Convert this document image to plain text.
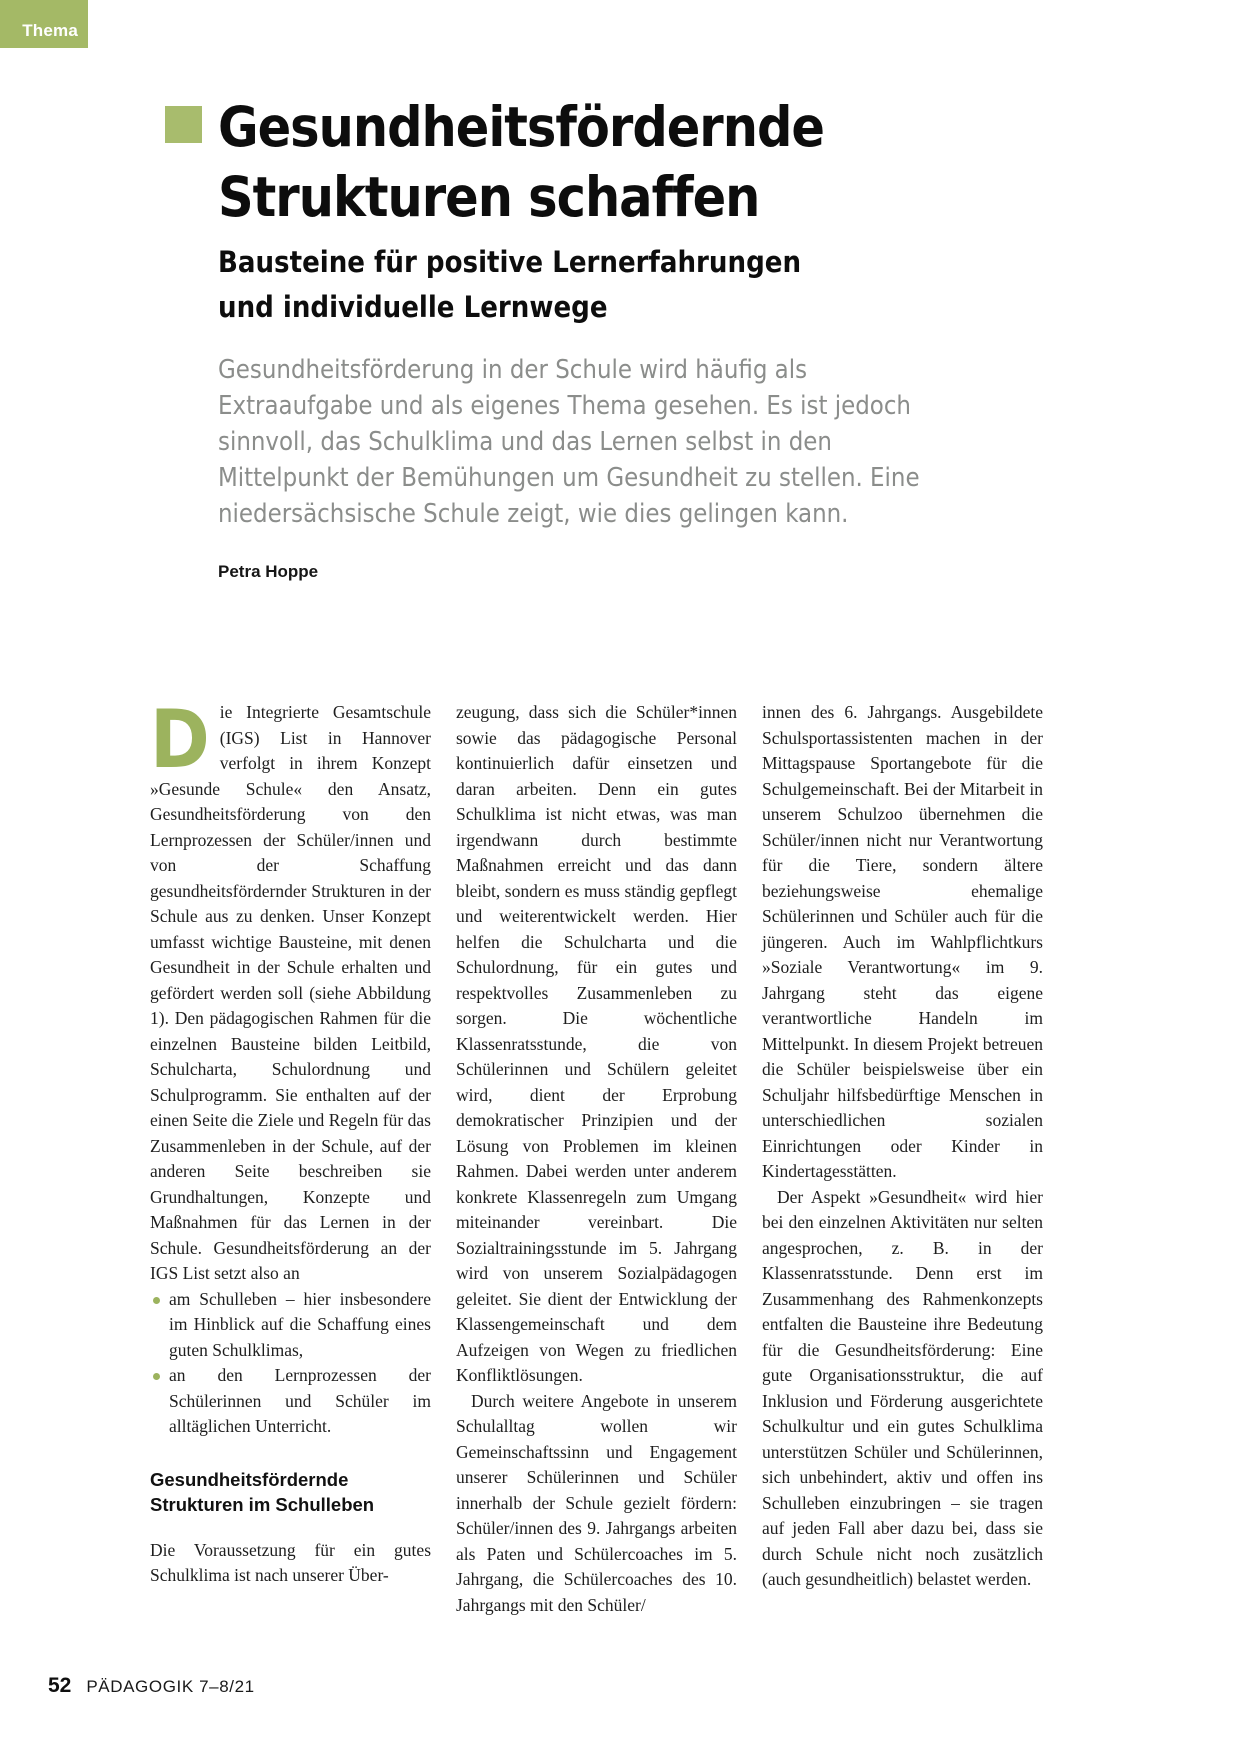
Thema
Gesundheitsfördernde
Strukturen schaffen
Bausteine für positive Lernerfahrungen
und individuelle Lernwege

Gesundheitsförderung in der Schule wird häufig als Extraaufgabe und als eigenes Thema gesehen. Es ist jedoch sinnvoll, das Schulklima und das Lernen selbst in den Mittelpunkt der Bemühungen um Gesundheit zu stellen. Eine niedersächsische Schule zeigt, wie dies gelingen kann.

Petra Hoppe

Die Integrierte Gesamtschule (IGS) List in Hannover verfolgt in ihrem Konzept »Gesunde Schule« den Ansatz, Gesundheitsförderung von den Lernprozessen der Schüler/innen und von der Schaffung gesundheitsfördernder Strukturen in der Schule aus zu denken. Unser Konzept umfasst wichtige Bausteine, mit denen Gesundheit in der Schule erhalten und gefördert werden soll (siehe Abbildung 1). Den pädagogischen Rahmen für die einzelnen Bausteine bilden Leitbild, Schulcharta, Schulordnung und Schulprogramm. Sie enthalten auf der einen Seite die Ziele und Regeln für das Zusammenleben in der Schule, auf der anderen Seite beschreiben sie Grundhaltungen, Konzepte und Maßnahmen für das Lernen in der Schule. Gesundheitsförderung an der IGS List setzt also an

am Schulleben – hier insbesondere im Hinblick auf die Schaffung eines guten Schulklimas,
an den Lernprozessen der Schülerinnen und Schüler im alltäglichen Unterricht.
Gesundheitsfördernde Strukturen im Schulleben

Die Voraussetzung für ein gutes Schulklima ist nach unserer Über-

zeugung, dass sich die Schüler*innen sowie das pädagogische Personal kontinuierlich dafür einsetzen und daran arbeiten. Denn ein gutes Schulklima ist nicht etwas, was man irgendwann durch bestimmte Maßnahmen erreicht und das dann bleibt, sondern es muss ständig gepflegt und weiterentwickelt werden. Hier helfen die Schulcharta und die Schulordnung, für ein gutes und respektvolles Zusammenleben zu sorgen. Die wöchentliche Klassenratsstunde, die von Schülerinnen und Schülern geleitet wird, dient der Erprobung demokratischer Prinzipien und der Lösung von Problemen im kleinen Rahmen. Dabei werden unter anderem konkrete Klassenregeln zum Umgang miteinander vereinbart. Die Sozialtrainingsstunde im 5. Jahrgang wird von unserem Sozialpädagogen geleitet. Sie dient der Entwicklung der Klassengemeinschaft und dem Aufzeigen von Wegen zu friedlichen Konfliktlösungen.

Durch weitere Angebote in unserem Schulalltag wollen wir Gemeinschaftssinn und Engagement unserer Schülerinnen und Schüler innerhalb der Schule gezielt fördern: Schüler/innen des 9. Jahrgangs arbeiten als Paten und Schülercoaches im 5. Jahrgang, die Schülercoaches des 10. Jahrgangs mit den Schüler/

innen des 6. Jahrgangs. Ausgebildete Schulsportassistenten machen in der Mittagspause Sportangebote für die Schulgemeinschaft. Bei der Mitarbeit in unserem Schulzoo übernehmen die Schüler/innen nicht nur Verantwortung für die Tiere, sondern ältere beziehungsweise ehemalige Schülerinnen und Schüler auch für die jüngeren. Auch im Wahlpflichtkurs »Soziale Verantwortung« im 9. Jahrgang steht das eigene verantwortliche Handeln im Mittelpunkt. In diesem Projekt betreuen die Schüler beispielsweise über ein Schuljahr hilfsbedürftige Menschen in unterschiedlichen sozialen Einrichtungen oder Kinder in Kindertagesstätten.

Der Aspekt »Gesundheit« wird hier bei den einzelnen Aktivitäten nur selten angesprochen, z. B. in der Klassenratsstunde. Denn erst im Zusammenhang des Rahmenkonzepts entfalten die Bausteine ihre Bedeutung für die Gesundheitsförderung: Eine gute Organisationsstruktur, die auf Inklusion und Förderung ausgerichtete Schulkultur und ein gutes Schulklima unterstützen Schüler und Schülerinnen, sich unbehindert, aktiv und offen ins Schulleben einzubringen – sie tragen auf jeden Fall aber dazu bei, dass sie durch Schule nicht noch zusätzlich (auch gesundheitlich) belastet werden.

52 PÄDAGOGIK 7–8/21
